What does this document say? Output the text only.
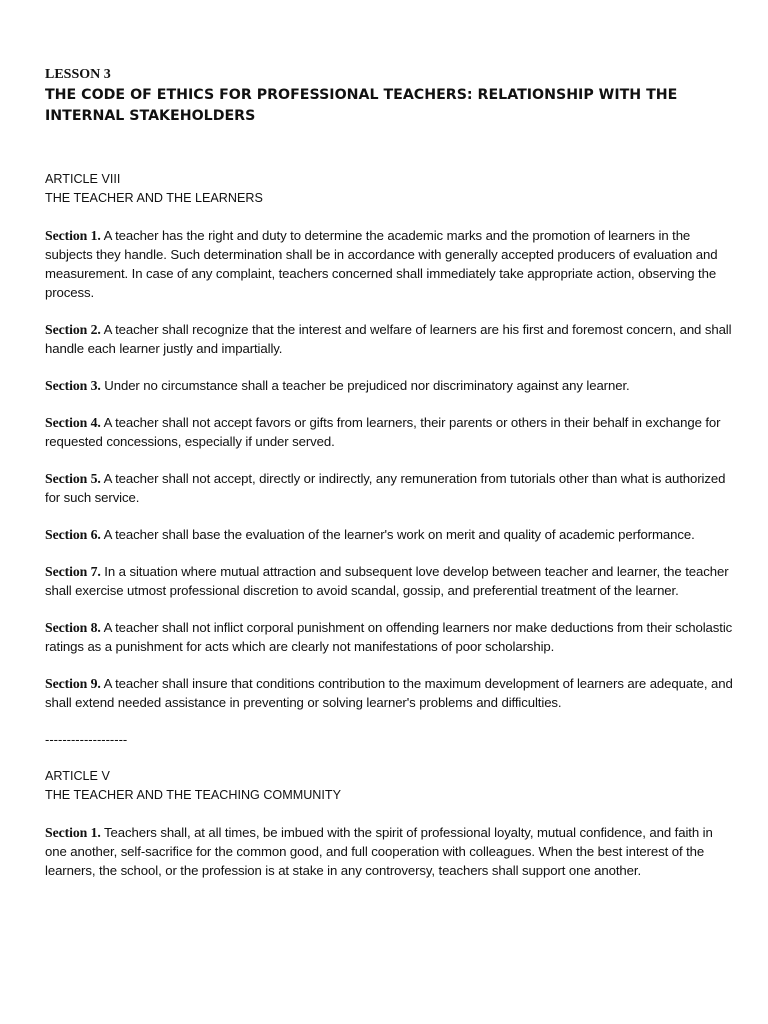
LESSON 3

THE CODE OF ETHICS FOR PROFESSIONAL TEACHERS: RELATIONSHIP WITH THE INTERNAL STAKEHOLDERS

ARTICLE VIII

THE TEACHER AND THE LEARNERS

Section 1. A teacher has the right and duty to determine the academic marks and the promotion of learners in the subjects they handle. Such determination shall be in accordance with generally accepted producers of evaluation and measurement. In case of any complaint, teachers concerned shall immediately take appropriate action, observing the process.

Section 2. A teacher shall recognize that the interest and welfare of learners are his first and foremost concern, and shall handle each learner justly and impartially.

Section 3. Under no circumstance shall a teacher be prejudiced nor discriminatory against any learner.

Section 4. A teacher shall not accept favors or gifts from learners, their parents or others in their behalf in exchange for requested concessions, especially if under served.

Section 5. A teacher shall not accept, directly or indirectly, any remuneration from tutorials other than what is authorized for such service.

Section 6. A teacher shall base the evaluation of the learner's work on merit and quality of academic performance.

Section 7. In a situation where mutual attraction and subsequent love develop between teacher and learner, the teacher shall exercise utmost professional discretion to avoid scandal, gossip, and preferential treatment of the learner.

Section 8. A teacher shall not inflict corporal punishment on offending learners nor make deductions from their scholastic ratings as a punishment for acts which are clearly not manifestations of poor scholarship.

Section 9. A teacher shall insure that conditions contribution to the maximum development of learners are adequate, and shall extend needed assistance in preventing or solving learner's problems and difficulties.

-------------------

ARTICLE V

THE TEACHER AND THE TEACHING COMMUNITY

Section 1. Teachers shall, at all times, be imbued with the spirit of professional loyalty, mutual confidence, and faith in one another, self-sacrifice for the common good, and full cooperation with colleagues. When the best interest of the learners, the school, or the profession is at stake in any controversy, teachers shall support one another.
